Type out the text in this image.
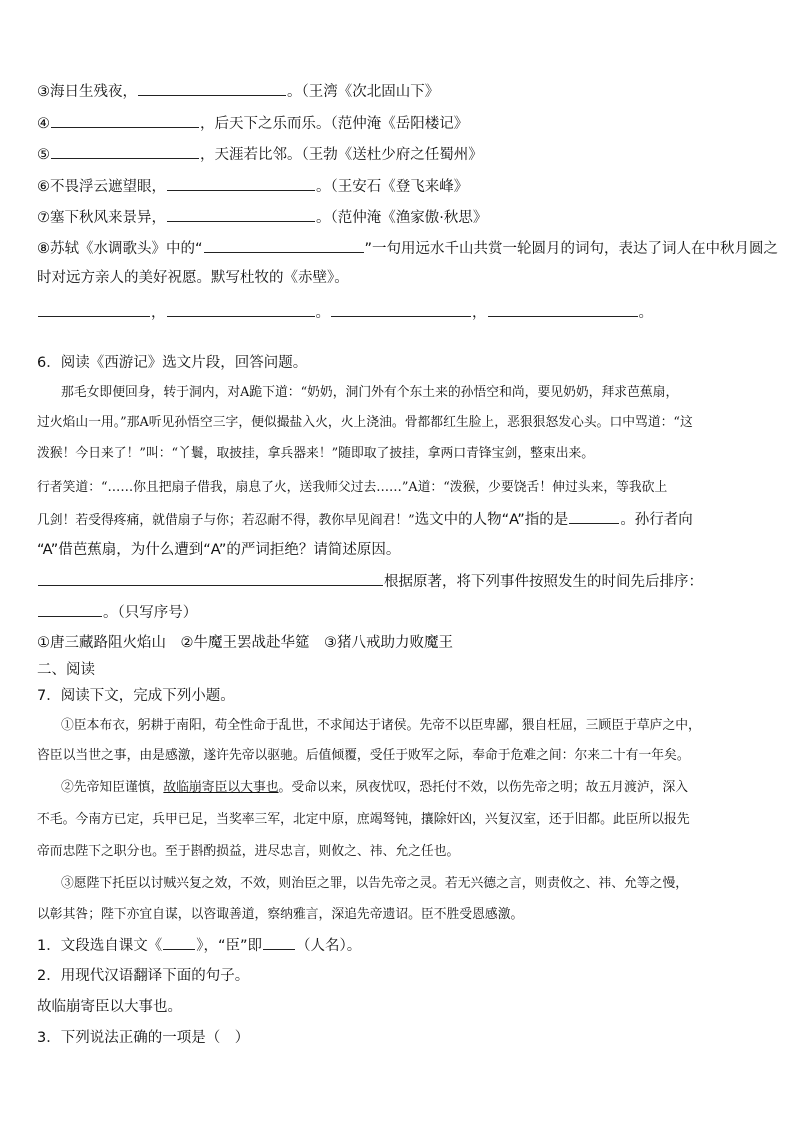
③海日生残夜，	。（王湾《次北固山下》
④	，后天下之乐而乐。（范仲淹《岳阳楼记》
⑤	，天涯若比邻。（王勃《送杜少府之任蜀州》
⑥不畏浮云遮望眼，	。（王安石《登飞来峰》
⑦塞下秋风来景异，	。（范仲淹《渔家傲·秋思》
⑧苏轼《水调歌头》中的“	”一句用远水千山共赏一轮圆月的词句，表达了词人在中秋月圆之
时对远方亲人的美好祝愿。默写杜牧的《赤壁》。
，	。	，	。
6．阅读《西游记》选文片段，回答问题。
那毛女即便回身，转于洞内，对A跪下道：“奶奶，洞门外有个东土来的孙悟空和尚，要见奶奶，拜求芭蕉扇，
过火焰山一用。”那A听见孙悟空三字，便似撮盐入火，火上浇油。骨都都红生脸上，恶狠狠怒发心头。口中骂道：“这
泼猴！今日来了！”叫：“丫鬟，取披挂，拿兵器来！”随即取了披挂，拿两口青锋宝剑，整束出来。
行者笑道：“……你且把扇子借我，扇息了火，送我师父过去……”A道：“泼猴，少要饶舌！伸过头来，等我砍上
几剑！若受得疼痛，就借扇子与你；若忍耐不得，教你早见阎君！”选文中的人物“A”指的是	。孙行者向
“A”借芭蕉扇，为什么遭到“A”的严词拒绝？请简述原因。
根据原著，将下列事件按照发生的时间先后排序：
。（只写序号）
①唐三藏路阻火焰山　②牛魔王罢战赴华筵　③猪八戒助力败魔王
二、阅读
7．阅读下文，完成下列小题。
①臣本布衣，躬耕于南阳，苟全性命于乱世，不求闻达于诸侯。先帝不以臣卑鄙，猥自枉屈，三顾臣于草庐之中，
咨臣以当世之事，由是感激，遂许先帝以驱驰。后值倾覆，受任于败军之际，奉命于危难之间：尔来二十有一年矣。
②先帝知臣谨慎，故临崩寄臣以大事也。受命以来，夙夜忧叹，恐托付不效，以伤先帝之明；故五月渡泸，深入
不毛。今南方已定，兵甲已足，当奖率三军，北定中原，庶竭驽钝，攘除奸凶，兴复汉室，还于旧都。此臣所以报先
帝而忠陛下之职分也。至于斟酌损益，进尽忠言，则攸之、祎、允之任也。
③愿陛下托臣以讨贼兴复之效，不效，则治臣之罪，以告先帝之灵。若无兴德之言，则责攸之、祎、允等之慢，
以彰其咎；陛下亦宜自谋，以咨诹善道，察纳雅言，深追先帝遗诏。臣不胜受恩感激。
1．文段选自课文《 》，“臣”即 （人名）。
2．用现代汉语翻译下面的句子。
故临崩寄臣以大事也。
3．下列说法正确的一项是（　）
